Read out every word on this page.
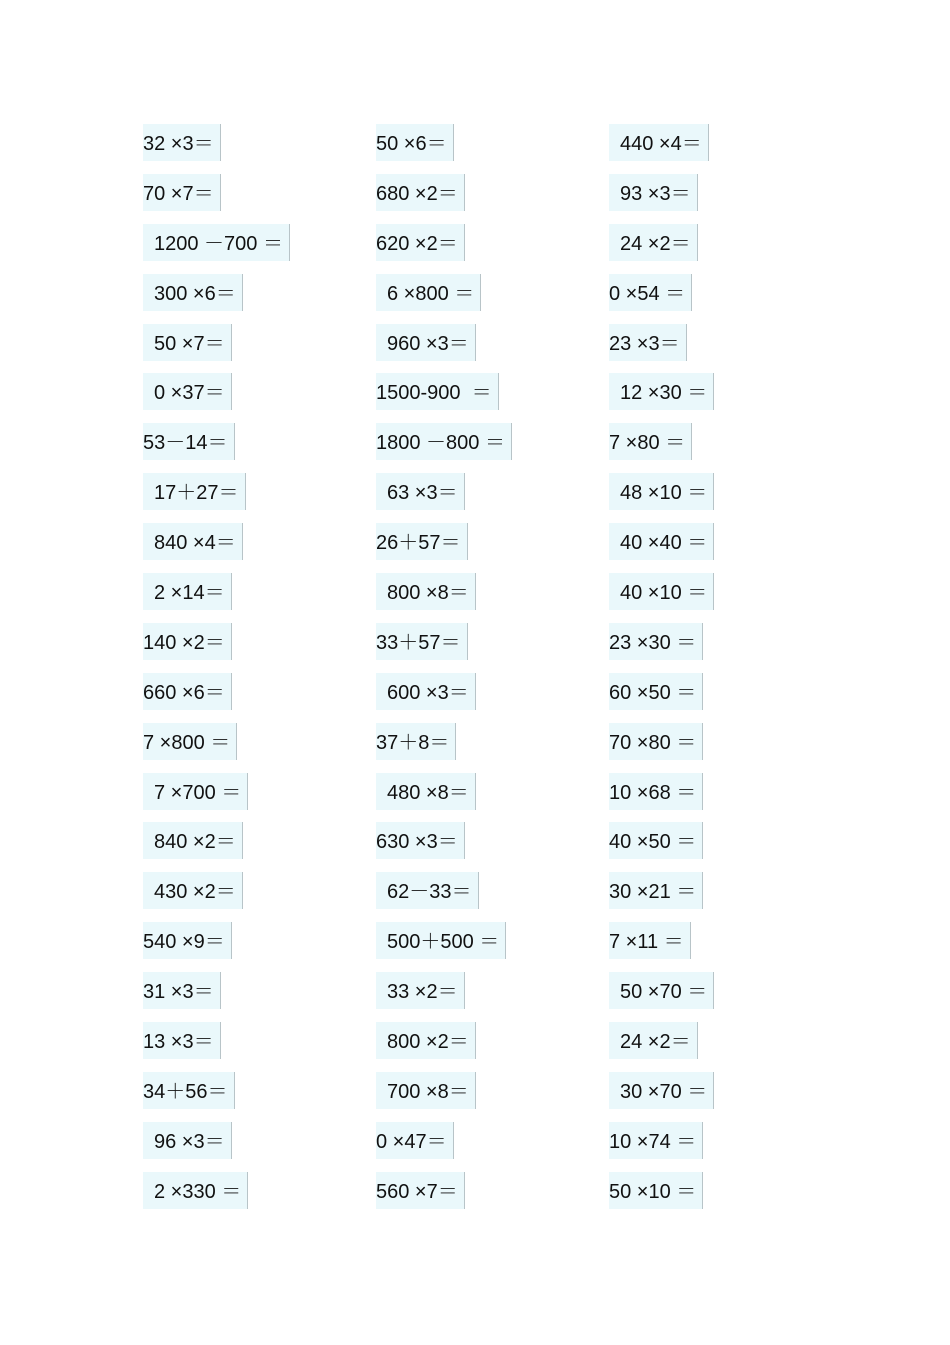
32 ×3＝
70 ×7＝
1200 －700 ＝
300 ×6＝
50 ×7＝
0 ×37＝
53－14＝
17＋27＝
840 ×4＝
2 ×14＝
140 ×2＝
660 ×6＝
7 ×800 ＝
7 ×700 ＝
840 ×2＝
430 ×2＝
540 ×9＝
31 ×3＝
13 ×3＝
34＋56＝
96 ×3＝
2 ×330 ＝
50 ×6＝
680 ×2＝
620 ×2＝
6 ×800 ＝
960 ×3＝
1500-900  ＝
1800 －800 ＝
63 ×3＝
26＋57＝
800 ×8＝
33＋57＝
600 ×3＝
37＋8＝
480 ×8＝
630 ×3＝
62－33＝
500＋500 ＝
33 ×2＝
800 ×2＝
700 ×8＝
0 ×47＝
560 ×7＝
440 ×4＝
93 ×3＝
24 ×2＝
0 ×54 ＝
23 ×3＝
12 ×30 ＝
7 ×80 ＝
48 ×10 ＝
40 ×40 ＝
40 ×10 ＝
23 ×30 ＝
60 ×50 ＝
70 ×80 ＝
10 ×68 ＝
40 ×50 ＝
30 ×21 ＝
7 ×11 ＝
50 ×70 ＝
24 ×2＝
30 ×70 ＝
10 ×74 ＝
50 ×10 ＝
